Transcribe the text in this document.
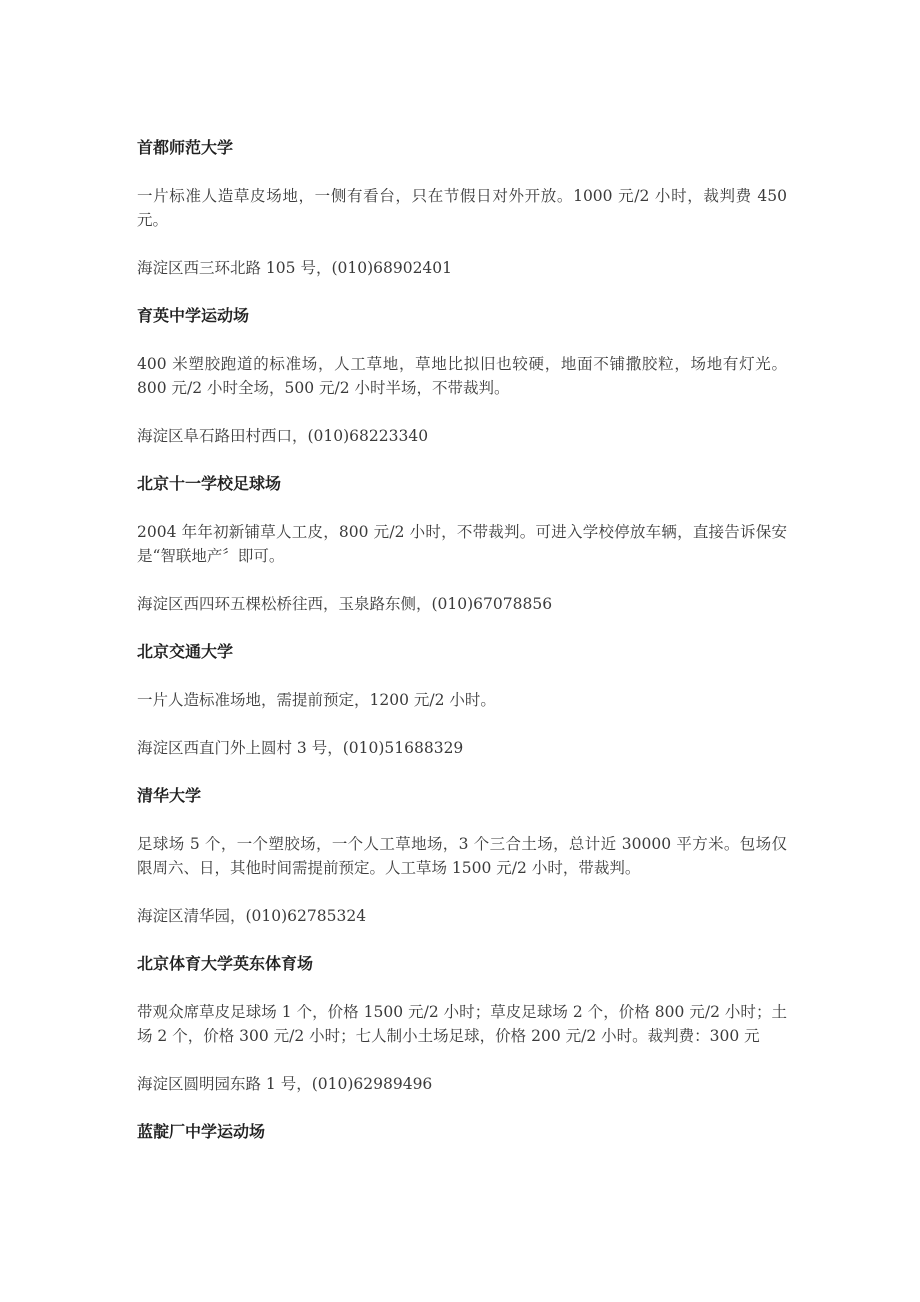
首都师范大学

一片标准人造草皮场地，一侧有看台，只在节假日对外开放。1000 元/2 小时，裁判费 450 元。

海淀区西三环北路 105 号，(010)68902401

育英中学运动场

400 米塑胶跑道的标准场，人工草地，草地比拟旧也较硬，地面不铺撒胶粒，场地有灯光。800 元/2 小时全场，500 元/2 小时半场，不带裁判。

海淀区阜石路田村西口，(010)68223340

北京十一学校足球场

2004 年年初新铺草人工皮，800 元/2 小时，不带裁判。可进入学校停放车辆，直接告诉保安是“智联地产〞即可。

海淀区西四环五棵松桥往西，玉泉路东侧，(010)67078856

北京交通大学

一片人造标准场地，需提前预定，1200 元/2 小时。

海淀区西直门外上圆村 3 号，(010)51688329

清华大学

足球场 5 个，一个塑胶场，一个人工草地场，3 个三合土场，总计近 30000 平方米。包场仅限周六、日，其他时间需提前预定。人工草场 1500 元/2 小时，带裁判。

海淀区清华园，(010)62785324

北京体育大学英东体育场

带观众席草皮足球场 1 个，价格 1500 元/2 小时；草皮足球场 2 个，价格 800 元/2 小时；土场 2 个，价格 300 元/2 小时；七人制小土场足球，价格 200 元/2 小时。裁判费：300 元

海淀区圆明园东路 1 号，(010)62989496

蓝靛厂中学运动场
